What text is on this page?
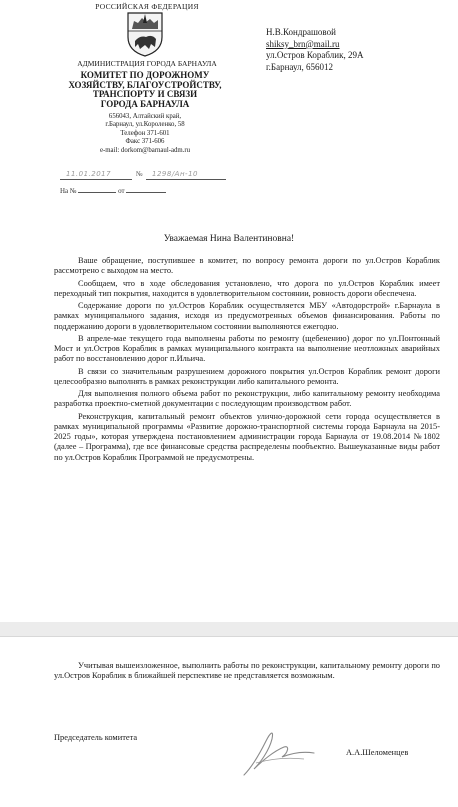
РОССИЙСКАЯ ФЕДЕРАЦИЯ
АДМИНИСТРАЦИЯ ГОРОДА БАРНАУЛА
КОМИТЕТ ПО ДОРОЖНОМУ
ХОЗЯЙСТВУ, БЛАГОУСТРОЙСТВУ,
ТРАНСПОРТУ И СВЯЗИ
ГОРОДА БАРНАУЛА
656043, Алтайский край,
г.Барнаул, ул.Короленко, 58
Телефон 371-601
Факс 371-606
e-mail: dorkom@barnaul-adm.ru
11.01.2017	№ 1298/Ан-10
На №	от
Н.В.Кондрашовой
shiksy_brn@mail.ru
ул.Остров Кораблик, 29А
г.Барнаул, 656012
Уважаемая Нина Валентиновна!

Ваше обращение, поступившее в комитет, по вопросу ремонта дороги по ул.Остров Кораблик рассмотрено с выходом на место.

Сообщаем, что в ходе обследования установлено, что дорога по ул.Остров Кораблик имеет переходный тип покрытия, находится в удовлетворительном состоянии, ровность дороги обеспечена.

Содержание дороги по ул.Остров Кораблик осуществляется МБУ «Автодорстрой» г.Барнаула в рамках муниципального задания, исходя из предусмотренных объемов финансирования. Работы по поддержанию дороги в удовлетворительном состоянии выполняются ежегодно.

В апреле-мае текущего года выполнены работы по ремонту (щебенению) дорог по ул.Понтонный Мост и ул.Остров Кораблик в рамках муниципального контракта на выполнение неотложных аварийных работ по восстановлению дорог п.Ильича.

В связи со значительным разрушением дорожного покрытия ул.Остров Кораблик ремонт дороги целесообразно выполнять в рамках реконструкции либо капитального ремонта.

Для выполнения полного объема работ по реконструкции, либо капитальному ремонту необходима разработка проектно-сметной документации с последующим производством работ.

Реконструкция, капитальный ремонт объектов улично-дорожной сети города осуществляется в рамках муниципальной программы «Развитие дорожно-транспортной системы города Барнаула на 2015-2025 годы», которая утверждена постановлением администрации города Барнаула от 19.08.2014 №1802 (далее – Программа), где все финансовые средства распределены пообъектно. Вышеуказанные виды работ по ул.Остров Кораблик Программой не предусмотрены.

Учитывая вышеизложенное, выполнить работы по реконструкции, капитальному ремонту дороги по ул.Остров Кораблик в ближайшей перспективе не представляется возможным.

Председатель комитета
А.А.Шеломенцев
